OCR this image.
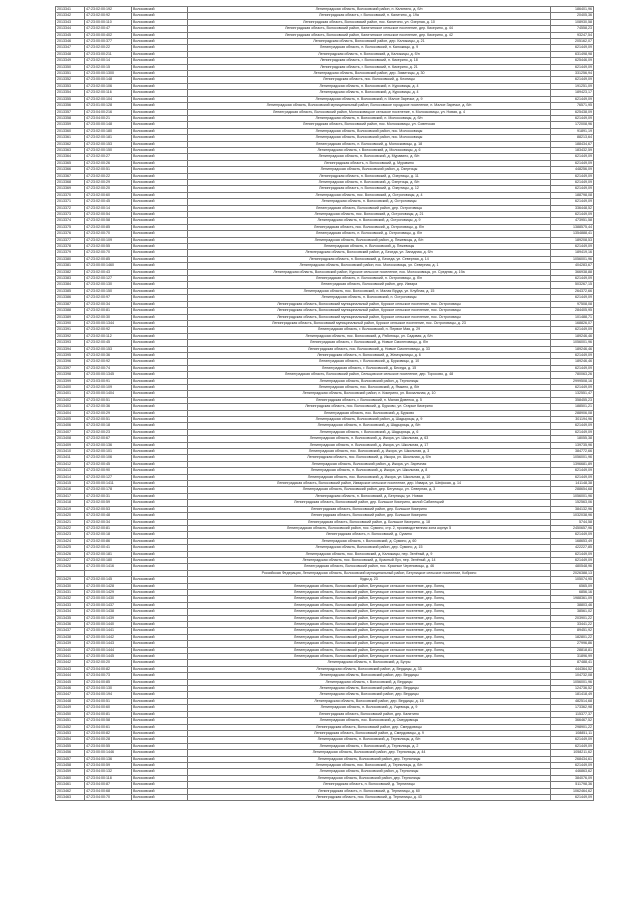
2013341	47:23:02:00:192	Волосовский	Ленинградская область, Волосовский район, п. Калитино, д. б/н	186401,96
2013342	47:23:02:00:92	Волосовский	Ленинградская область, г. Волосовский, п. Калитино, д. 19а	20405,36
2013343	47:23:00:00:110	Волосовский	Ленинградская область, Волосовский район, пос. Калитино, ул. Озерная, д. 10	108930,58
2013344	47:23:02:00:47	Волосовский	Ленинградская область, Волосовский район, Калитинское сельское поселение, дер. Кикерино, д. 44	74558,23
2013345	47:23:00:00:402	Волосовский	Ленинградская область, Волосовский район, Калитинское сельское поселение, дер. Кикерино, д. 42	93247,54
2013346	47:23:00:00:377	Волосовский	Ленинградская область, Волосовский район, дер. Каложицы, д. 21	205162,07
2013347	47:23:02:00:22	Волосовский	Ленинградская область, п. Волосовский, п. Каложицы, д. 9	621449,09
2013348	47:23:03:00:211	Волосовский	Ленинградская область, п. Волосовский, д. Каложицы, д. б/н	631498,98
2013349	47:23:02:00:14	Волосовский	Ленинградская область, г. Волосовский, п. Кикерино, д. 18	625446,09
2013350	47:23:02:00:15	Волосовский	Ленинградская область, г. Волосовский, п. Кикерино, д. 21	621449,09
2013351	47:23:00:00:1300	Волосовский	Ленинградская область, Волосовский район, дер. Зимитицы, д. 30	331256,94
2013352	47:23:00:00:148	Волосовский	Ленинградская область, пос. Волосовский, д. Клопицы	621449,09
2013353	47:23:02:00:106	Волосовский	Ленинградская область, п. Волосовский, п. Курковицы, д. 4	191251,09
2013354	47:23:02:00:116	Волосовский	Ленинградская область, п. Волосовский, д. Курковицы, д. 4	189423,17
2013355	47:23:02:00:104	Волосовский	Ленинградская область, п. Волосовский, п. Малое Заречье, д. 9	621449,09
2013356	47:23:01:00:128	Волосовский	Ленинградская область, Волосовский муниципальный район, Волосовское городское поселение, п. Малое Заречье, д. б/н	76571,95
2013357	47:23:04:00:216	Волосовский	Ленинградская область, Волосовский район, Молосковицкое сельское поселение, п. Молосковицы, ул. Новая, д. 4	625438,09
2013358	47:23:04:00:21	Волосовский	Ленинградская область, п. Волосовский, п. Молосковицы, д. б/н	621449,09
2013359	47:23:00:00:148	Волосовский	Ленинградская область, Волосовский район, пос. Молосковицы, ул. Советская	172008,96
2013360	47:23:02:00:180	Волосовский	Ленинградская область, Волосовский район, пос. Молосковицы	91891,19
2013361	47:23:02:00:181	Волосовский	Ленинградская область, Волосовский район, пос. Молосковицы	88213,64
2013362	47:23:02:00:153	Волосовский	Ленинградская область, п. Волосовский, д. Молосковицы, д. 18	188434,67
2013363	47:23:02:00:150	Волосовский	Ленинградская область, г. Волосовский, д. Молосковицы, д. 6	183432,59
2013364	47:23:02:00:27	Волосовский	Ленинградская область, п. Волосовский, д. Муравино, д. б/н	621449,09
2013365	47:23:02:00:26	Волосовский	Ленинградская область, п. Волосовский, д. Муравино	621449,09
2013366	47:23:02:00:51	Волосовский	Ленинградская область, Волосовский район, д. Озертицы	448256,09
2013367	47:23:02:00:22	Волосовский	Ленинградская область, п. Волосовский, д. Озертицы, д. 11	621449,09
2013368	47:23:02:00:29	Волосовский	Ленинградская область, п. Волосовский, д. Озертицы, д. б/н	621449,09
2013369	47:23:02:00:20	Волосовский	Ленинградская область, п. Волосовский, д. Озертицы, д. 12	621449,09
2013370	47:23:02:00:60	Волосовский	Ленинградская область, пос. Волосовский, д. Остроговицы, д. 4	188798,08
2013371	47:23:02:00:45	Волосовский	Ленинградская область, п. Волосовский, д. Остроговицы	621449,09
2013372	47:23:02:00:14	Волосовский	Ленинградская область, Волосовский район, дер. Остроговицы	336448,52
2013373	47:23:02:00:54	Волосовский	Ленинградская область, пос. Волосовский, д. Остроговицы, д. 21	621449,09
2013374	47:23:02:00:58	Волосовский	Ленинградская область, п. Волосовский, д. Остроговицы, д. 9	473951,58
2013375	47:23:02:00:85	Волосовский	Ленинградская область, пос. Волосовский, д. Остроговицы, д. б/н	1388575,44
2013376	47:23:02:00:70	Волосовский	Ленинградская область, п. Волосовский, д. Остроговицы, д. б/н	1354888,41
2013377	47:23:02:00:109	Волосовский	Ленинградская область, Волосовский район, д. Пежевицы, д. б/н	189208,53
2013378	47:23:02:00:55	Волосовский	Ленинградская область, п. Волосовский, д. Пежевицы	621449,09
2013379	47:23:02:00:70	Волосовский	Ленинградская область, Волосовский район, д. Беседа, ул. Западная, д. б/н	189419,16
2013380	47:23:02:00:85	Волосовский	Ленинградская область, п. Волосовский, д. Беседа, ул. Северная, д. 14	1056001,96
2013381	47:23:00:00:1460	Волосовский	Ленинградская область, Волосовский район, пос. Молосковицы, ул. Северная, д. 1	404283,67
2013382	47:23:02:00:43	Волосовский	Ленинградская область, Волосовский район, Курское сельское поселение, пос. Молосковицы, ул. Средняя, д. 19а	366938,88
2013383	47:23:02:00:127	Волосовский	Ленинградская область, п. Волосовский, п. Остроговицы, д. б/н	621449,09
2013384	47:23:02:00:130	Волосовский	Ленинградская область, Волосовский район, дер. Извара	503267,15
2013385	47:23:02:00:150	Волосовский	Ленинградская область, пос. Волосовский, п. Малая Вруда, ул. Клубная, д. 15	264372,66
2013386	47:23:02:00:97	Волосовский	Ленинградская область, п. Волосовский, п. Остроговицы	621449,09
2013387	47:23:02:00:34	Волосовский	Ленинградская область, Волосовский муниципальный район, Курское сельское поселение, пос. Остроговицы	97508,08
2013388	47:23:02:00:81	Волосовский	Ленинградская область, Волосовский муниципальный район, Курское сельское поселение, пос. Остроговицы	284405,95
2013389	47:23:02:00:30	Волосовский	Ленинградская область, Волосовский муниципальный район, Курское сельское поселение, пос. Остроговицы	101488,71
2013390	47:23:00:00:1344	Волосовский	Ленинградская область, Волосовский муниципальный район, Курское сельское поселение, пос. Остроговицы, д. 23	168826,07
2013391	47:23:02:00:92	Волосовский	Ленинградская область, г. Волосовский, п. Первое Мая, д. 29	621449,09
2013392	47:23:02:00:112	Волосовский	Ленинградская область, пос. Волосовский, д. Рабитицы, ул. Садовая, д. б/н	189246,46
2013393	47:23:02:00:45	Волосовский	Ленинградская область, г. Волосовский, д. Новые Смолеговицы, д. б/н	1056001,96
2013394	47:23:02:00:153	Волосовский	Ленинградская область, пос. Волосовский, д. Новые Смолеговицы, д. 33	189246,46
2013395	47:23:02:00:36	Волосовский	Ленинградская область, п. Волосовский, д. Жемчужницы, д. 6	621449,09
2013396	47:23:02:00:92	Волосовский	Ленинградская область, г. Волосовский, д. Бурковицы, д. 10	189246,46
2013397	47:23:02:00:74	Волосовский	Ленинградская область, г. Волосовский, д. Беседа, д. 15	621449,09
2013398	47:23:00:00:1345	Волосовский	Ленинградская область, Волосовский район, Сельцовское сельское поселение, дер. Торосово, д. 48	780063,26
2013399	47:23:03:00:91	Волосовский	Ленинградская область, Волосовский район, д. Терпилицы	2999508,16
2013400	47:23:02:00:109	Волосовский	Ленинградская область, пос. Волосовский, д. Ямкино, д. б/н	621449,09
2013401	47:23:00:00:1404	Волосовский	Ленинградская область, Волосовский район, п. Кикерино, ул. Вокзальная, д. 10	132551,47
2013402	47:23:02:00:51	Волосовский	Ленинградская область, г. Волосовский, п. Малая Дивенка, д. 5	358455,23
2013403	47:23:02:00:36	Волосовский	Ленинградская область, пос. Волосовский, д. Бурково, ул. Старые Кикерино	188501,21
2013404	47:23:02:00:29	Волосовский	Ленинградская область, пос. Волосовский, д. Бурково	288906,08
2013405	47:23:02:00:51	Волосовский	Ленинградская область, Волосовский район, д. Шадырицы, д. 9	301194,96
2013406	47:23:02:00:18	Волосовский	Ленинградская область, п. Волосовский, д. Шадырицы, д. б/н	621449,09
2013407	47:23:02:00:23	Волосовский	Ленинградская область, г. Волосовский, д. Шадырицы, д. 6	621449,09
2013408	47:23:02:00:67	Волосовский	Ленинградская область, п. Волосовский, д. Ижора, ул. Школьная, д. 63	18055,38
2013409	47:23:02:00:136	Волосовский	Ленинградская область, п. Волосовский, д. Ижора, ул. Школьная, д. 17	139735,96
2013410	47:23:02:00:101	Волосовский	Ленинградская область, пос. Волосовский, д. Ижора, ул. Школьная, д. 3	384772,66
2013411	47:23:02:00:106	Волосовский	Ленинградская область, пос. Волосовский, д. Ижора, ул. Школьная, д. б/н	1056001,96
2013412	47:23:02:00:45	Волосовский	Ленинградская область, Волосовский район, д. Ижора, ул. Заречная	1396681,89
2013413	47:23:02:00:90	Волосовский	Ленинградская область, п. Волосовский, д. Ижора, ул. Школьная, д. 8	621449,09
2013414	47:23:02:00:127	Волосовский	Ленинградская область, пос. Волосовский, д. Ижора, ул. Школьная, д. 10	621449,09
2013415	47:23:00:00:1411	Волосовский	Ленинградская область, Волосовский район, Изварское сельское поселение, дер. Извара, ул. Шефская, д. 14	141148,38
2013416	47:23:02:00:178	Волосовский	Ленинградская область, Волосовский район, дер. Бегуницы, ул. Северная, д. 3	288654,68
2013417	47:23:02:00:31	Волосовский	Ленинградская область, п. Волосовский, д. Бегуницы, ул. Новая	1056001,96
2013418	47:23:02:00:59	Волосовский	Ленинградская область, Волосовский район, дер. Большое Кикерино, жилой Сабинецкий	152563,06
2013419	47:23:02:00:53	Волосовский	Ленинградская область, Волосовский район, дер. Большое Кикерино	384132,96
2013420	47:23:02:00:48	Волосовский	Ленинградская область, Волосовский район, дер. Большое Кикерино	1032038,96
2013421	47:23:02:00:34	Волосовский	Ленинградская область, Волосовский район, д. Большое Кикерино, д. 18	5744,58
2013422	47:23:02:00:81	Волосовский	Ленинградская область, Волосовский район, пос. Сумино, стр. 2, производственная зона корпус 5	2450657,96
2013423	47:23:02:00:18	Волосовский	Ленинградская область, п. Волосовский, д. Сумино	621449,09
2013424	47:23:02:00:86	Волосовский	Ленинградская область, г. Волосовский, д. Сумино, д. 60	168653,49
2013425	47:23:02:00:41	Волосовский	Ленинградская область, Волосовский район, дер. Сумино, д. 15	422227,85
2013426	47:23:02:00:181	Волосовский	Ленинградская область, пос. Волосовский, д. Каложицы, пер. Зелёный, д. 9	621449,09
2013427	47:23:02:00:180	Волосовский	Ленинградская область, пос. Волосовский, д. Красный Луч, пер. Зелёный, д. 14	621449,09
2013428	47:23:00:00:1416	Волосовский	Ленинградская область, Волосовский район, пос. Красные Череповицы, д. 46	480548,96
			Российская Федерация, Ленинградская область, Волосовский муниципальный район, Бегуницкое сельское поселение, Кобрино	2026388,13
2013429	47:23:02:00:145	Волосовский	Куды д. 23	105074,95
2013430	47:23:00:00:1428	Волосовский	Ленинградская область, Волосовский район, Бегуницкое сельское поселение, дер. Лопец	6565,09
2013431	47:23:00:00:1429	Волосовский	Ленинградская область, Волосовский район, Бегуницкое сельское поселение, дер. Лопец	6856,16
2013432	47:23:00:00:1430	Волосовский	Ленинградская область, Волосовский район, Бегуницкое сельское поселение, дер. Лопец	1988361,09
2013433	47:23:00:00:1437	Волосовский	Ленинградская область, Волосовский район, Бегуницкое сельское поселение, дер. Лопец	38803,46
2013434	47:23:00:00:1438	Волосовский	Ленинградская область, Волосовский район, Бегуницкое сельское поселение, дер. Лопец	38561,02
2013435	47:23:00:00:1439	Волосовский	Ленинградская область, Волосовский район, Бегуницкое сельское поселение, дер. Лопец	203901,22
2013436	47:23:00:00:1440	Волосовский	Ленинградская область, Волосовский район, Бегуницкое сельское поселение, дер. Лопец	33441,22
2013437	47:23:00:00:1441	Волосовский	Ленинградская область, Волосовский район, Бегуницкое сельское поселение, дер. Лопец	89451,92
2013438	47:23:00:00:1442	Волосовский	Ленинградская область, Волосовский район, Бегуницкое сельское поселение, дер. Лопец	182801,22
2013439	47:23:00:00:1443	Волосовский	Ленинградская область, Волосовский район, Бегуницкое сельское поселение, дер. Лопец	27996,86
2013440	47:23:00:00:1444	Волосовский	Ленинградская область, Волосовский район, Бегуницкое сельское поселение, дер. Лопец	28818,81
2013441	47:23:00:00:1445	Волосовский	Ленинградская область, Волосовский район, Бегуницкое сельское поселение, дер. Лопец	31896,99
2013442	47:23:02:00:20	Волосовский	Ленинградская область, п. Волосовский, д. Бугры	87488,41
2013443	47:23:04:00:82	Волосовский	Ленинградская область, Волосовский район, д. Вердицы, д. 33	444364,52
2013444	47:23:04:00:73	Волосовский	Ленинградская область, Волосовский район, дер. Вердицы	104732,08
2013445	47:23:04:00:85	Волосовский	Ленинградская область, г. Волосовский, д. Вердицы	1056001,96
2013446	47:23:04:00:130	Волосовский	Ленинградская область, Волосовский район, дер. Вердицы	124736,52
2013447	47:23:04:00:194	Волосовский	Ленинградская область, Волосовский район, дер. Вердицы	181418,49
2013448	47:23:04:00:51	Волосовский	Ленинградская область, Волосовский район, дер. Вердицы, д. 16	482514,68
2013449	47:23:04:00:60	Волосовский	Ленинградская область, п. Волосовский, д. Ущевицы, д. 9	173362,98
2013450	47:23:04:00:81	Волосовский	Ленинградская область, Волосовский район, дер. Калитино	115377,37
2013451	47:23:04:00:58	Волосовский	Ленинградская область, пос. Волосовский, д. Смердовицы	366467,52
2013452	47:23:04:00:61	Волосовский	Ленинградская область, Волосовский район, дер. Смердовицы	298901,22
2013453	47:23:04:00:82	Волосовский	Ленинградская область, Волосовский район, д. Смердовицы, д. 9	108851,11
2013454	47:23:04:00:28	Волосовский	Ленинградская область, п. Волосовский, д. Терпилицы, д. б/н	621449,09
2013455	47:23:04:00:55	Волосовский	Ленинградская область, г. Волосовский, д. Терпилицы, д. 2	621449,09
2013456	47:23:00:00:1446	Волосовский	Ленинградская область, Волосовский район, дер. Терпилицы, д. 44	1058211,62
2013457	47:23:04:00:136	Волосовский	Ленинградская область, Волосовский район, дер. Терпилицы	268434,61
2013458	47:23:04:00:59	Волосовский	Ленинградская область, пос. Волосовский, д. Терпилицы, д. б/н	621449,09
2013459	47:23:04:00:132	Волосовский	Ленинградская область, Волосовский район, д. Терпилицы	446863,62
2013460	47:23:04:00:118	Волосовский	Ленинградская область, Волосовский район, дер. Терпилицы	384076,09
2013461	47:23:04:00:87	Волосовский	Ленинградская область, п. Волосовский, д. Терпилицы	511798,36
2013462	47:23:04:00:68	Волосовский	Ленинградская область, п. Волосовский, д. Терпилицы, д. 60	1062464,62
2013463	47:23:04:00:70	Волосовский	Ленинградская область, пос. Волосовский, д. Терпилицы, д. 43	621449,09
